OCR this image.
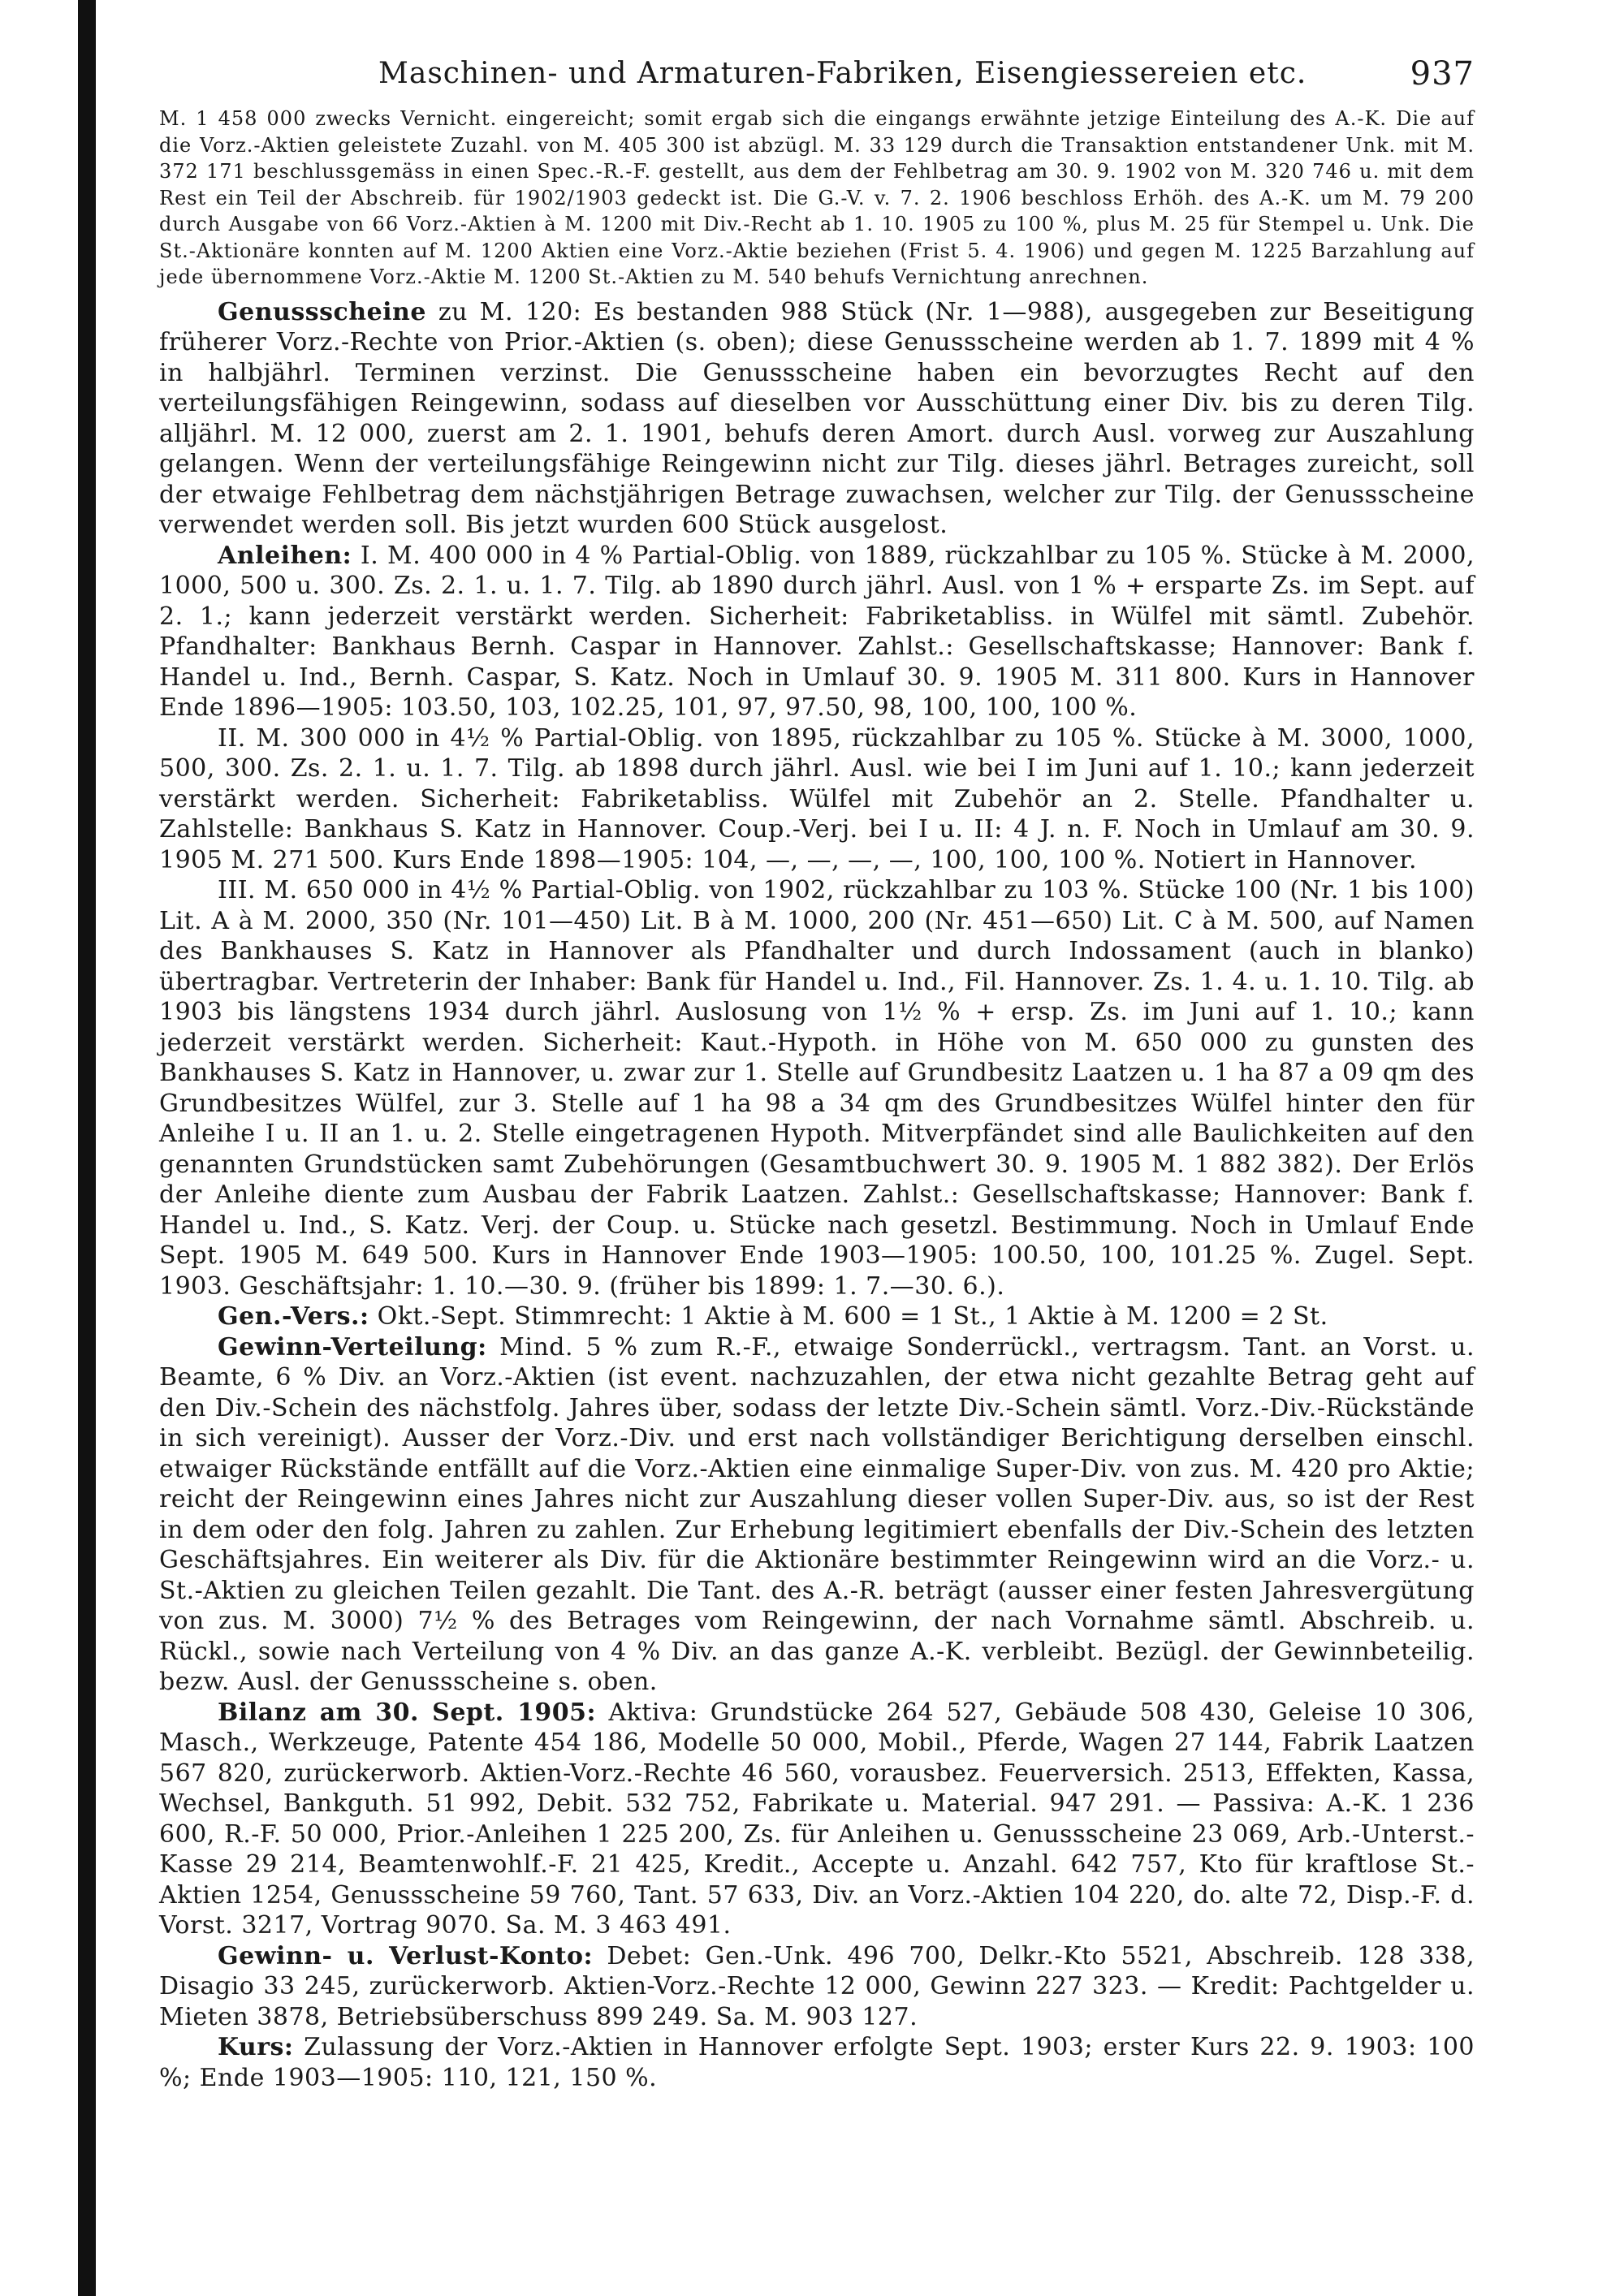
Maschinen- und Armaturen-Fabriken, Eisengiessereien etc.	937

M. 1 458 000 zwecks Vernicht. eingereicht; somit ergab sich die eingangs erwähnte jetzige Einteilung des A.-K. Die auf die Vorz.-Aktien geleistete Zuzahl. von M. 405 300 ist abzügl. M. 33 129 durch die Transaktion entstandener Unk. mit M. 372 171 beschlussgemäss in einen Spec.-R.-F. gestellt, aus dem der Fehlbetrag am 30. 9. 1902 von M. 320 746 u. mit dem Rest ein Teil der Abschreib. für 1902/1903 gedeckt ist. Die G.-V. v. 7. 2. 1906 beschloss Erhöh. des A.-K. um M. 79 200 durch Ausgabe von 66 Vorz.-Aktien à M. 1200 mit Div.-Recht ab 1. 10. 1905 zu 100 %, plus M. 25 für Stempel u. Unk. Die St.-Aktionäre konnten auf M. 1200 Aktien eine Vorz.-Aktie beziehen (Frist 5. 4. 1906) und gegen M. 1225 Barzahlung auf jede übernommene Vorz.-Aktie M. 1200 St.-Aktien zu M. 540 behufs Vernichtung anrechnen.

Genussscheine zu M. 120: Es bestanden 988 Stück (Nr. 1—988), ausgegeben zur Beseitigung früherer Vorz.-Rechte von Prior.-Aktien (s. oben); diese Genussscheine werden ab 1. 7. 1899 mit 4 % in halbjährl. Terminen verzinst. Die Genussscheine haben ein bevorzugtes Recht auf den verteilungsfähigen Reingewinn, sodass auf dieselben vor Ausschüttung einer Div. bis zu deren Tilg. alljährl. M. 12 000, zuerst am 2. 1. 1901, behufs deren Amort. durch Ausl. vorweg zur Auszahlung gelangen. Wenn der verteilungsfähige Reingewinn nicht zur Tilg. dieses jährl. Betrages zureicht, soll der etwaige Fehlbetrag dem nächstjährigen Betrage zuwachsen, welcher zur Tilg. der Genussscheine verwendet werden soll. Bis jetzt wurden 600 Stück ausgelost.

Anleihen: I. M. 400 000 in 4 % Partial-Oblig. von 1889, rückzahlbar zu 105 %. Stücke à M. 2000, 1000, 500 u. 300. Zs. 2. 1. u. 1. 7. Tilg. ab 1890 durch jährl. Ausl. von 1 % + ersparte Zs. im Sept. auf 2. 1.; kann jederzeit verstärkt werden. Sicherheit: Fabriketabliss. in Wülfel mit sämtl. Zubehör. Pfandhalter: Bankhaus Bernh. Caspar in Hannover. Zahlst.: Gesellschaftskasse; Hannover: Bank f. Handel u. Ind., Bernh. Caspar, S. Katz. Noch in Umlauf 30. 9. 1905 M. 311 800. Kurs in Hannover Ende 1896—1905: 103.50, 103, 102.25, 101, 97, 97.50, 98, 100, 100, 100 %.

II. M. 300 000 in 4½ % Partial-Oblig. von 1895, rückzahlbar zu 105 %. Stücke à M. 3000, 1000, 500, 300. Zs. 2. 1. u. 1. 7. Tilg. ab 1898 durch jährl. Ausl. wie bei I im Juni auf 1. 10.; kann jederzeit verstärkt werden. Sicherheit: Fabriketabliss. Wülfel mit Zubehör an 2. Stelle. Pfandhalter u. Zahlstelle: Bankhaus S. Katz in Hannover. Coup.-Verj. bei I u. II: 4 J. n. F. Noch in Umlauf am 30. 9. 1905 M. 271 500. Kurs Ende 1898—1905: 104, —, —, —, —, 100, 100, 100 %. Notiert in Hannover.

III. M. 650 000 in 4½ % Partial-Oblig. von 1902, rückzahlbar zu 103 %. Stücke 100 (Nr. 1 bis 100) Lit. A à M. 2000, 350 (Nr. 101—450) Lit. B à M. 1000, 200 (Nr. 451—650) Lit. C à M. 500, auf Namen des Bankhauses S. Katz in Hannover als Pfandhalter und durch Indossament (auch in blanko) übertragbar. Vertreterin der Inhaber: Bank für Handel u. Ind., Fil. Hannover. Zs. 1. 4. u. 1. 10. Tilg. ab 1903 bis längstens 1934 durch jährl. Auslosung von 1½ % + ersp. Zs. im Juni auf 1. 10.; kann jederzeit verstärkt werden. Sicherheit: Kaut.-Hypoth. in Höhe von M. 650 000 zu gunsten des Bankhauses S. Katz in Hannover, u. zwar zur 1. Stelle auf Grundbesitz Laatzen u. 1 ha 87 a 09 qm des Grundbesitzes Wülfel, zur 3. Stelle auf 1 ha 98 a 34 qm des Grundbesitzes Wülfel hinter den für Anleihe I u. II an 1. u. 2. Stelle eingetragenen Hypoth. Mitverpfändet sind alle Baulichkeiten auf den genannten Grundstücken samt Zubehörungen (Gesamtbuchwert 30. 9. 1905 M. 1 882 382). Der Erlös der Anleihe diente zum Ausbau der Fabrik Laatzen. Zahlst.: Gesellschaftskasse; Hannover: Bank f. Handel u. Ind., S. Katz. Verj. der Coup. u. Stücke nach gesetzl. Bestimmung. Noch in Umlauf Ende Sept. 1905 M. 649 500. Kurs in Hannover Ende 1903—1905: 100.50, 100, 101.25 %. Zugel. Sept. 1903. Geschäftsjahr: 1. 10.—30. 9. (früher bis 1899: 1. 7.—30. 6.).

Gen.-Vers.: Okt.-Sept. Stimmrecht: 1 Aktie à M. 600 = 1 St., 1 Aktie à M. 1200 = 2 St.

Gewinn-Verteilung: Mind. 5 % zum R.-F., etwaige Sonderrückl., vertragsm. Tant. an Vorst. u. Beamte, 6 % Div. an Vorz.-Aktien (ist event. nachzuzahlen, der etwa nicht gezahlte Betrag geht auf den Div.-Schein des nächstfolg. Jahres über, sodass der letzte Div.-Schein sämtl. Vorz.-Div.-Rückstände in sich vereinigt). Ausser der Vorz.-Div. und erst nach vollständiger Berichtigung derselben einschl. etwaiger Rückstände entfällt auf die Vorz.-Aktien eine einmalige Super-Div. von zus. M. 420 pro Aktie; reicht der Reingewinn eines Jahres nicht zur Auszahlung dieser vollen Super-Div. aus, so ist der Rest in dem oder den folg. Jahren zu zahlen. Zur Erhebung legitimiert ebenfalls der Div.-Schein des letzten Geschäftsjahres. Ein weiterer als Div. für die Aktionäre bestimmter Reingewinn wird an die Vorz.- u. St.-Aktien zu gleichen Teilen gezahlt. Die Tant. des A.-R. beträgt (ausser einer festen Jahresvergütung von zus. M. 3000) 7½ % des Betrages vom Reingewinn, der nach Vornahme sämtl. Abschreib. u. Rückl., sowie nach Verteilung von 4 % Div. an das ganze A.-K. verbleibt. Bezügl. der Gewinnbeteilig. bezw. Ausl. der Genussscheine s. oben.

Bilanz am 30. Sept. 1905: Aktiva: Grundstücke 264 527, Gebäude 508 430, Geleise 10 306, Masch., Werkzeuge, Patente 454 186, Modelle 50 000, Mobil., Pferde, Wagen 27 144, Fabrik Laatzen 567 820, zurückerworb. Aktien-Vorz.-Rechte 46 560, vorausbez. Feuerversich. 2513, Effekten, Kassa, Wechsel, Bankguth. 51 992, Debit. 532 752, Fabrikate u. Material. 947 291. — Passiva: A.-K. 1 236 600, R.-F. 50 000, Prior.-Anleihen 1 225 200, Zs. für Anleihen u. Genussscheine 23 069, Arb.-Unterst.-Kasse 29 214, Beamtenwohlf.-F. 21 425, Kredit., Accepte u. Anzahl. 642 757, Kto für kraftlose St.-Aktien 1254, Genussscheine 59 760, Tant. 57 633, Div. an Vorz.-Aktien 104 220, do. alte 72, Disp.-F. d. Vorst. 3217, Vortrag 9070. Sa. M. 3 463 491.

Gewinn- u. Verlust-Konto: Debet: Gen.-Unk. 496 700, Delkr.-Kto 5521, Abschreib. 128 338, Disagio 33 245, zurückerworb. Aktien-Vorz.-Rechte 12 000, Gewinn 227 323. — Kredit: Pachtgelder u. Mieten 3878, Betriebsüberschuss 899 249. Sa. M. 903 127.

Kurs: Zulassung der Vorz.-Aktien in Hannover erfolgte Sept. 1903; erster Kurs 22. 9. 1903: 100 %; Ende 1903—1905: 110, 121, 150 %.
